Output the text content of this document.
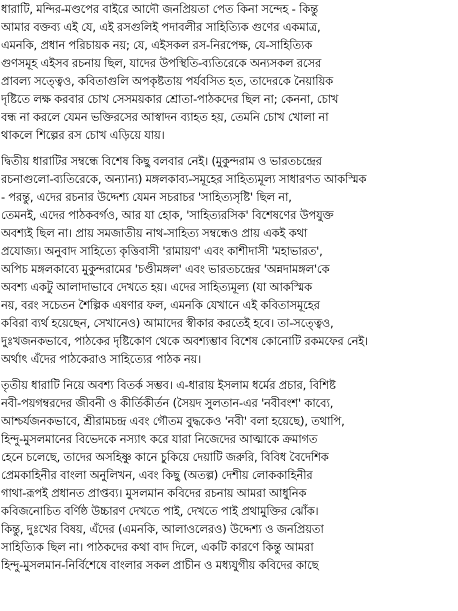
ধারাটি, মন্দির-মণ্ডপের বাইরে আদৌ জনপ্রিয়তা পেত কিনা সন্দেহ - কিন্তু
আমার বক্তব্য এই যে, এই রসগুলিই পদাবলীর সাহিত্যিক গুণের একমাত্র,
এমনকি, প্রধান পরিচায়ক নয়; যে, এইসকল রস-নিরপেক্ষ, যে-সাহিত্যিক
গুণসমূহ এইসব রচনায় ছিল, যাদের উপস্থিতি-ব্যতিরেকে অন্যসকল রসের
প্রাবল্য সত্ত্বেও, কবিতাগুলি অপকৃষ্টতায় পর্যবসিত হত, তাদেরকে নৈয়ায়িক
দৃষ্টিতে লক্ষ করবার চোখ সেসময়কার শ্রোতা-পাঠকদের ছিল না; কেননা, চোখ
বন্ধ না করলে যেমন ভক্তিরসের আস্বাদন ব্যাহত হয়, তেমনি চোখ খোলা না
থাকলে শিল্পের রস চোখ এড়িয়ে যায়।
দ্বিতীয় ধারাটির সম্বন্ধে বিশেষ কিছু বলবার নেই। (মুকুন্দরাম ও ভারতচন্দ্রের
রচনাগুলো-ব্যতিরেকে, অন্যান্য) মঙ্গলকাব্য-সমূহের সাহিত্যমূল্য সাধারণত আকস্মিক
- পরন্তু, এদের রচনার উদ্দেশ্য যেমন সচরাচর 'সাহিত্যসৃষ্টি' ছিল না,
তেমনই, এদের পাঠকবর্গও, আর যা হোক, 'সাহিত্যরসিক' বিশেষণের উপযুক্ত
অবশ্যই ছিল না। প্রায় সমজাতীয় নাথ-সাহিত্য সম্বন্ধেও প্রায় একই কথা
প্রযোজ্য। অনুবাদ সাহিত্যে কৃত্তিবাসী 'রামায়ণ' এবং কাশীদাসী 'মহাভারত',
অপিচ মঙ্গলকাব্যে মুকুন্দরামের 'চণ্ডীমঙ্গল' এবং ভারতচন্দ্রের 'অন্নদামঙ্গল'কে
অবশ্য একটু আলাদাভাবে দেখতে হয়। এদের সাহিত্যমূল্য (যা আকস্মিক
নয়, বরং সচেতন শৈল্পিক এষণার ফল, এমনকি যেখানে এই কবিতাসমূহের
কবিরা ব্যর্থ হয়েছেন, সেখানেও) আমাদের স্বীকার করতেই হবে। তা-সত্ত্বেও,
দুঃখজনকভাবে, পাঠকের দৃষ্টিকোণ থেকে অবশ্যম্ভাব বিশেষ কোনোটি রকমফের নেই।
অর্থাৎ এঁদের পাঠকেরাও সাহিত্যের পাঠক নয়।
তৃতীয় ধারাটি নিয়ে অবশ্য বিতর্ক সম্ভব। এ-ধারায় ইসলাম ধর্মের প্রচার, বিশিষ্ট
নবী-পয়গম্বরদের জীবনী ও কীর্তিকীর্তন (সৈয়দ সুলতান-এর 'নবীবংশ' কাব্যে,
আশ্চর্যজনকভাবে, শ্রীরামচন্দ্র এবং গৌতম বুদ্ধকেও 'নবী' বলা হয়েছে), তথাপি,
হিন্দু-মুসলমানের বিভেদকে নস্যাৎ করে যারা নিজেদের আত্মাকে ক্রমাগত
হেনে চলেছে, তাদের অসহিষ্ণু কানে চুকিয়ে দেয়াটি জরুরি, বিবিধ বৈদেশিক
প্রেমকাহিনীর বাংলা অনুলিখন, এবং কিছু (অতল্প) দেশীয় লোককাহিনীর
গাথা-রূপই প্রধানত প্রাপ্তব্য। মুসলমান কবিদের রচনায় আমরা আধুনিক
কবিজনোচিত বর্ণিষ্ঠ উচ্চারণ দেখতে পাই, দেখতে পাই প্রথামুক্তির ঝোঁক।
কিন্তু, দুঃখের বিষয়, এঁদের (এমনকি, আলাওলেরও) উদ্দেশ্য ও জনপ্রিয়তা
সাহিত্যিক ছিল না। পাঠকদের কথা বাদ দিলে, একটি কারণে কিন্তু আমরা
হিন্দু-মুসলমান-নির্বিশেষে বাংলার সকল প্রাচীন ও মধ্যযুগীয় কবিদের কাছে
